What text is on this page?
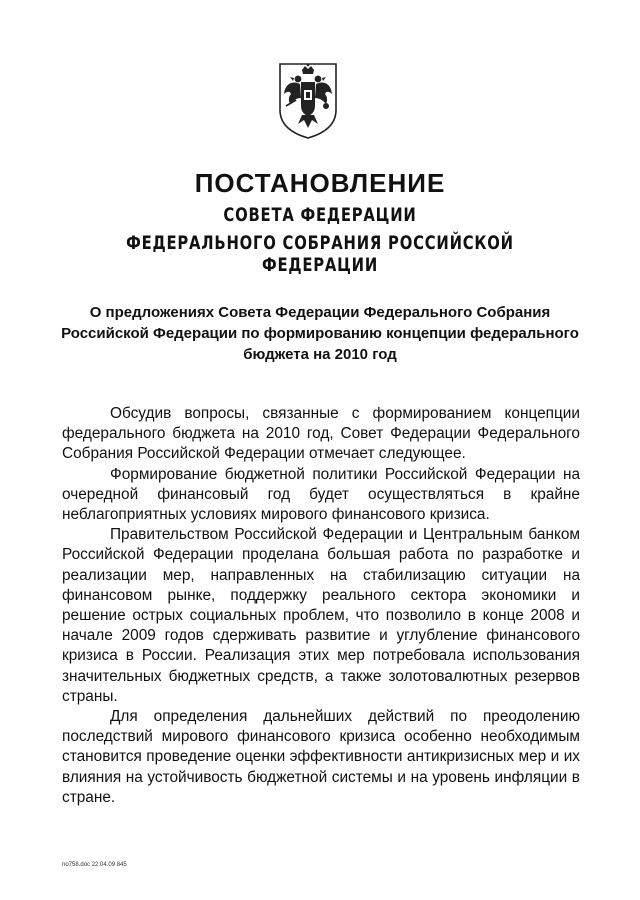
ПОСТАНОВЛЕНИЕ
СОВЕТА ФЕДЕРАЦИИ
ФЕДЕРАЛЬНОГО СОБРАНИЯ РОССИЙСКОЙ ФЕДЕРАЦИИ

О предложениях Совета Федерации Федерального Собрания Российской Федерации по формированию концепции федерального бюджета на 2010 год

Обсудив вопросы, связанные с формированием концепции федерального бюджета на 2010 год, Совет Федерации Федерального Собрания Российской Федерации отмечает следующее.

Формирование бюджетной политики Российской Федерации на очередной финансовый год будет осуществляться в крайне неблагоприятных условиях мирового финансового кризиса.

Правительством Российской Федерации и Центральным банком Российской Федерации проделана большая работа по разработке и реализации мер, направленных на стабилизацию ситуации на финансовом рынке, поддержку реального сектора экономики и решение острых социальных проблем, что позволило в конце 2008 и начале 2009 годов сдерживать развитие и углубление финансового кризиса в России. Реализация этих мер потребовала использования значительных бюджетных средств, а также золотовалютных резервов страны.

Для определения дальнейших действий по преодолению последствий мирового финансового кризиса особенно необходимым становится проведение оценки эффективности антикризисных мер и их влияния на устойчивость бюджетной системы и на уровень инфляции в стране.

no758.doc 22.04.09 845
